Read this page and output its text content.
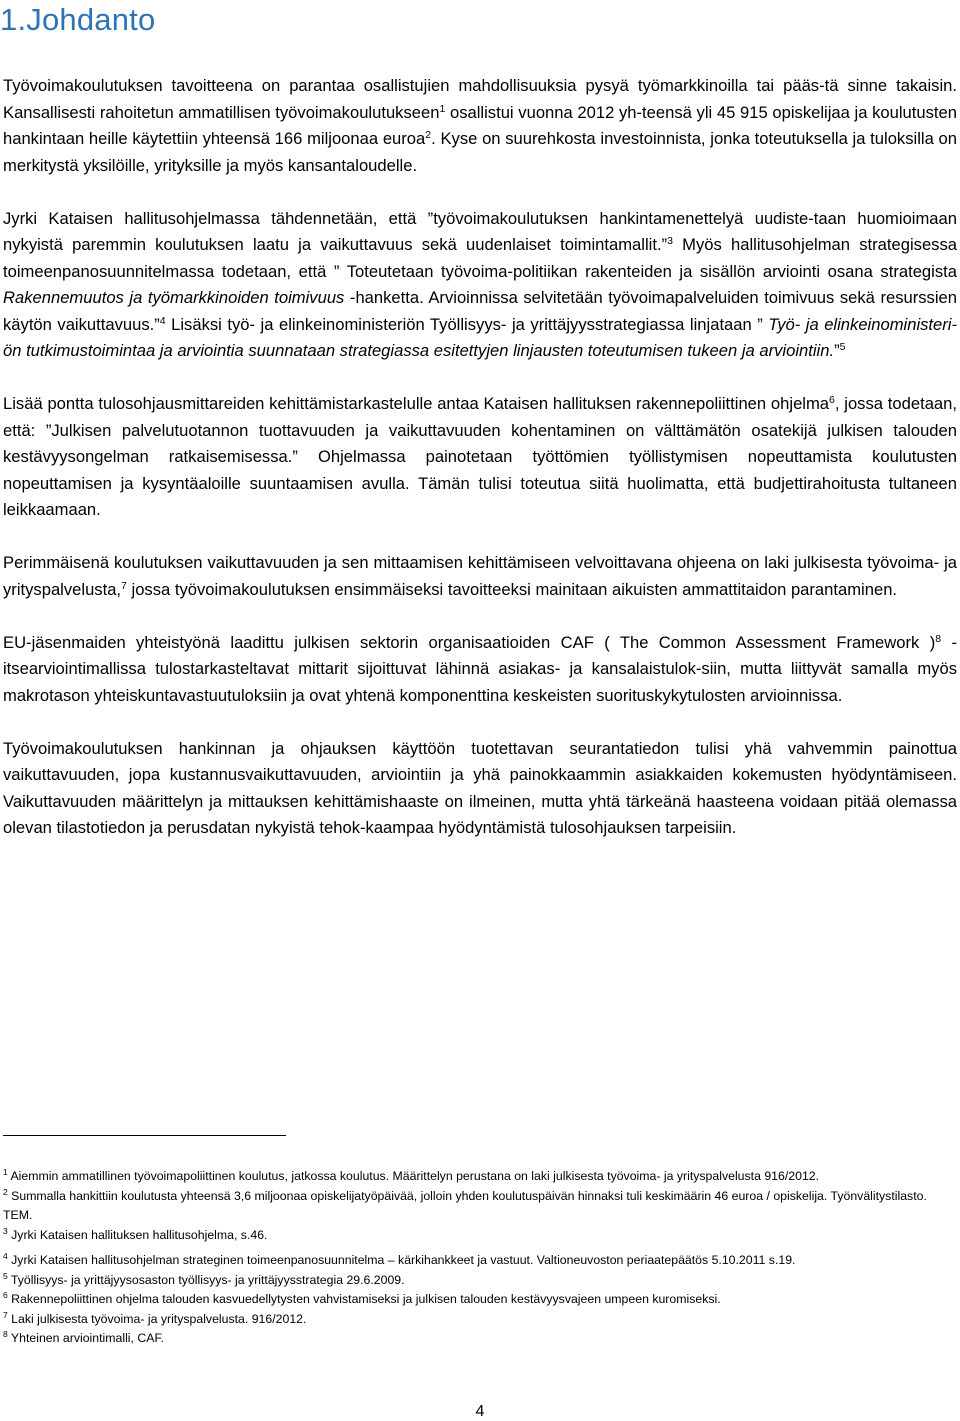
1.Johdanto

Työvoimakoulutuksen tavoitteena on parantaa osallistujien mahdollisuuksia pysyä työmarkkinoilla tai pääs-tä sinne takaisin. Kansallisesti rahoitetun ammatillisen työvoimakoulutukseen$^1$ osallistui vuonna 2012 yh-teensä yli 45 915 opiskelijaa ja koulutusten hankintaan heille käytettiin yhteensä 166 miljoonaa euroa$^2$. Kyse on suurehkosta investoinnista, jonka toteutuksella ja tuloksilla on merkitystä yksilöille, yrityksille ja myös kansantaloudelle.

Jyrki Kataisen hallitusohjelmassa tähdennetään, että ”työvoimakoulutuksen hankintamenettelyä uudiste-taan huomioimaan nykyistä paremmin koulutuksen laatu ja vaikuttavuus sekä uudenlaiset toimintamallit.”$^3$ Myös hallitusohjelman strategisessa toimeenpanosuunnitelmassa todetaan, että ” Toteutetaan työvoima-politiikan rakenteiden ja sisällön arviointi osana strategista Rakennemuutos ja työmarkkinoiden toimivuus -hanketta. Arvioinnissa selvitetään työvoimapalveluiden toimivuus sekä resurssien käytön vaikuttavuus.”$^4$ Lisäksi työ- ja elinkeinoministeriön Työllisyys- ja yrittäjyysstrategiassa linjataan ” Työ- ja elinkeinoministeri-ön tutkimustoimintaa ja arviointia suunnataan strategiassa esitettyjen linjausten toteutumisen tukeen ja arviointiin.”$^5$

Lisää pontta tulosohjausmittareiden kehittämistarkastelulle antaa Kataisen hallituksen rakennepoliittinen ohjelma$^6$, jossa todetaan, että: ”Julkisen palvelutuotannon tuottavuuden ja vaikuttavuuden kohentaminen on välttämätön osatekijä julkisen talouden kestävyysongelman ratkaisemisessa.” Ohjelmassa painotetaan työttömien työllistymisen nopeuttamista koulutusten nopeuttamisen ja kysyntäaloille suuntaamisen avulla. Tämän tulisi toteutua siitä huolimatta, että budjettirahoitusta tultaneen leikkaamaan.

Perimmäisenä koulutuksen vaikuttavuuden ja sen mittaamisen kehittämiseen velvoittavana ohjeena on laki julkisesta työvoima- ja yrityspalvelusta,$^7$ jossa työvoimakoulutuksen ensimmäiseksi tavoitteeksi mainitaan aikuisten ammattitaidon parantaminen.

EU-jäsenmaiden yhteistyönä laadittu julkisen sektorin organisaatioiden CAF ( The Common Assessment Framework )$^8$ -itsearviointimallissa tulostarkasteltavat mittarit sijoittuvat lähinnä asiakas- ja kansalaistulok-siin, mutta liittyvät samalla myös makrotason yhteiskuntavastuutuloksiin ja ovat yhtenä komponenttina keskeisten suorituskykytulosten arvioinnissa.

Työvoimakoulutuksen hankinnan ja ohjauksen käyttöön tuotettavan seurantatiedon tulisi yhä vahvemmin painottua vaikuttavuuden, jopa kustannusvaikuttavuuden, arviointiin ja yhä painokkaammin asiakkaiden kokemusten hyödyntämiseen. Vaikuttavuuden määrittelyn ja mittauksen kehittämishaaste on ilmeinen, mutta yhtä tärkeänä haasteena voidaan pitää olemassa olevan tilastotiedon ja perusdatan nykyistä tehok-kaampaa hyödyntämistä tulosohjauksen tarpeisiin.

$^1$ Aiemmin ammatillinen työvoimapoliittinen koulutus, jatkossa koulutus. Määrittelyn perustana on laki julkisesta työvoima- ja yrityspalvelusta 916/2012.

$^2$ Summalla hankittiin koulutusta yhteensä 3,6 miljoonaa opiskelijatyöpäivää, jolloin yhden koulutuspäivän hinnaksi tuli keskimäärin 46 euroa / opiskelija. Työnvälitystilasto. TEM.

$^3$ Jyrki Kataisen hallituksen hallitusohjelma, s.46.

$^4$ Jyrki Kataisen hallitusohjelman strateginen toimeenpanosuunnitelma – kärkihankkeet ja vastuut. Valtioneuvoston periaatepäätös 5.10.2011 s.19.

$^5$ Työllisyys- ja yrittäjyysosaston työllisyys- ja yrittäjyysstrategia 29.6.2009.

$^6$ Rakennepoliittinen ohjelma talouden kasvuedellytysten vahvistamiseksi ja julkisen talouden kestävyysvajeen umpeen kuromiseksi.

$^7$ Laki julkisesta työvoima- ja yrityspalvelusta. 916/2012.

$^8$ Yhteinen arviointimalli, CAF.

4
